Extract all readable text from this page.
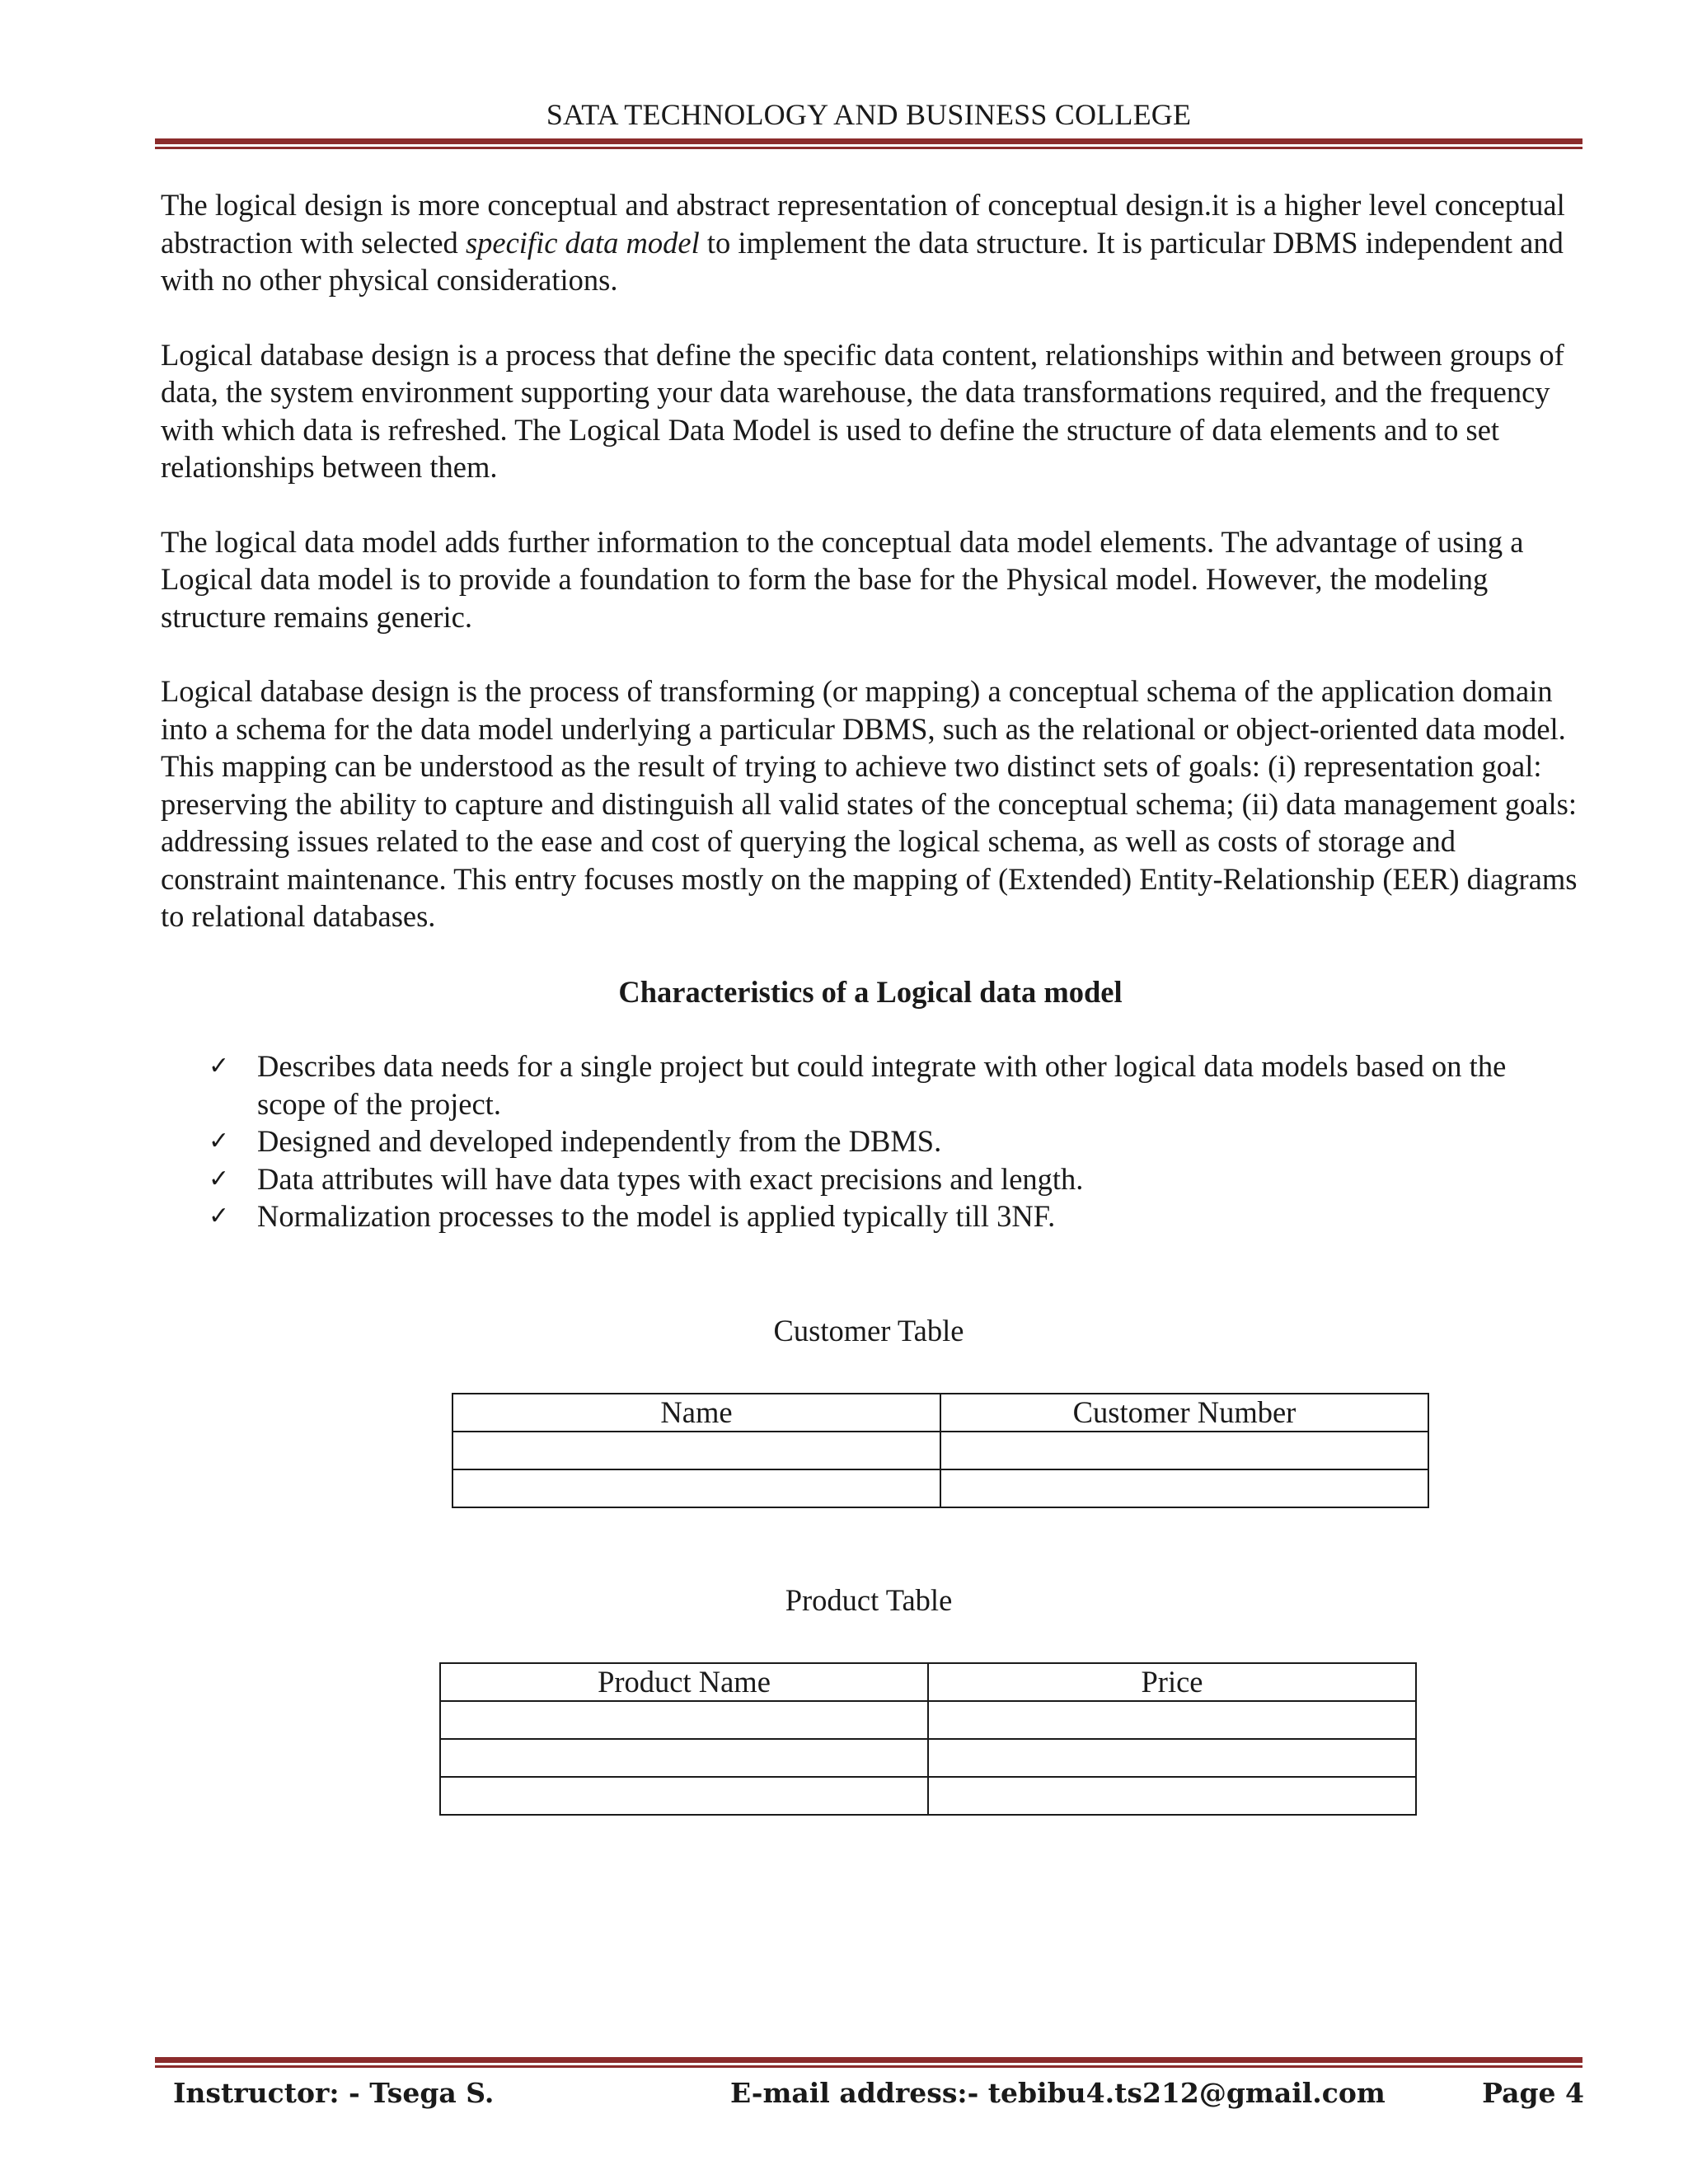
SATA TECHNOLOGY AND BUSINESS COLLEGE

The logical design is more conceptual and abstract representation of conceptual design.it is a higher level conceptual abstraction with selected specific data model to implement the data structure. It is particular DBMS independent and with no other physical considerations.

Logical database design is a process that define the specific data content, relationships within and between groups of data, the system environment supporting your data warehouse, the data transformations required, and the frequency with which data is refreshed. The Logical Data Model is used to define the structure of data elements and to set relationships between them.

The logical data model adds further information to the conceptual data model elements. The advantage of using a Logical data model is to provide a foundation to form the base for the Physical model. However, the modeling structure remains generic.

Logical database design is the process of transforming (or mapping) a conceptual schema of the application domain into a schema for the data model underlying a particular DBMS, such as the relational or object-oriented data model. This mapping can be understood as the result of trying to achieve two distinct sets of goals: (i) representation goal: preserving the ability to capture and distinguish all valid states of the conceptual schema; (ii) data management goals: addressing issues related to the ease and cost of querying the logical schema, as well as costs of storage and constraint maintenance. This entry focuses mostly on the mapping of (Extended) Entity-Relationship (EER) diagrams to relational databases.

Characteristics of a Logical data model
✓ Describes data needs for a single project but could integrate with other logical data models based on the scope of the project.
✓ Designed and developed independently from the DBMS.
✓ Data attributes will have data types with exact precisions and length.
✓ Normalization processes to the model is applied typically till 3NF.
Customer Table
Name	Customer Number

Product Table
Product Name	Price

Instructor: - Tsega S.	E-mail address:- tebibu4.ts212@gmail.com	Page 4
